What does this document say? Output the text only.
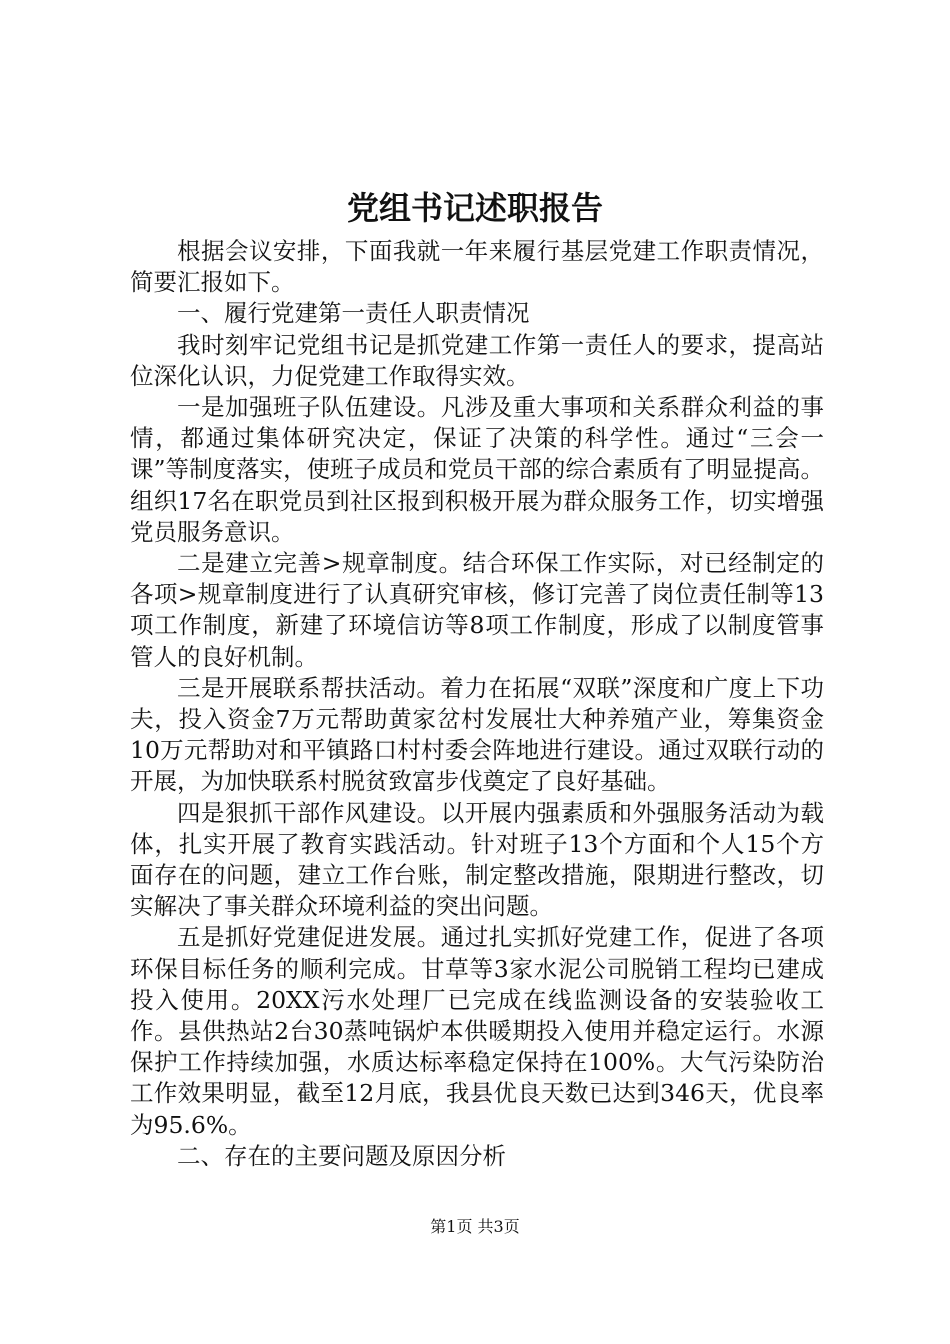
党组书记述职报告

根据会议安排，下面我就一年来履行基层党建工作职责情况，简要汇报如下。

一、履行党建第一责任人职责情况

我时刻牢记党组书记是抓党建工作第一责任人的要求，提高站位深化认识，力促党建工作取得实效。

一是加强班子队伍建设。凡涉及重大事项和关系群众利益的事情，都通过集体研究决定，保证了决策的科学性。通过“三会一课”等制度落实，使班子成员和党员干部的综合素质有了明显提高。组织17名在职党员到社区报到积极开展为群众服务工作，切实增强党员服务意识。

二是建立完善>规章制度。结合环保工作实际，对已经制定的各项>规章制度进行了认真研究审核，修订完善了岗位责任制等13项工作制度，新建了环境信访等8项工作制度，形成了以制度管事管人的良好机制。

三是开展联系帮扶活动。着力在拓展“双联”深度和广度上下功夫，投入资金7万元帮助黄家岔村发展壮大种养殖产业，筹集资金10万元帮助对和平镇路口村村委会阵地进行建设。通过双联行动的开展，为加快联系村脱贫致富步伐奠定了良好基础。

四是狠抓干部作风建设。以开展内强素质和外强服务活动为载体，扎实开展了教育实践活动。针对班子13个方面和个人15个方面存在的问题，建立工作台账，制定整改措施，限期进行整改，切实解决了事关群众环境利益的突出问题。

五是抓好党建促进发展。通过扎实抓好党建工作，促进了各项环保目标任务的顺利完成。甘草等3家水泥公司脱销工程均已建成投入使用。20XX污水处理厂已完成在线监测设备的安装验收工作。县供热站2台30蒸吨锅炉本供暖期投入使用并稳定运行。水源保护工作持续加强，水质达标率稳定保持在100%。大气污染防治工作效果明显，截至12月底，我县优良天数已达到346天，优良率为95.6%。

二、存在的主要问题及原因分析

第1页 共3页
